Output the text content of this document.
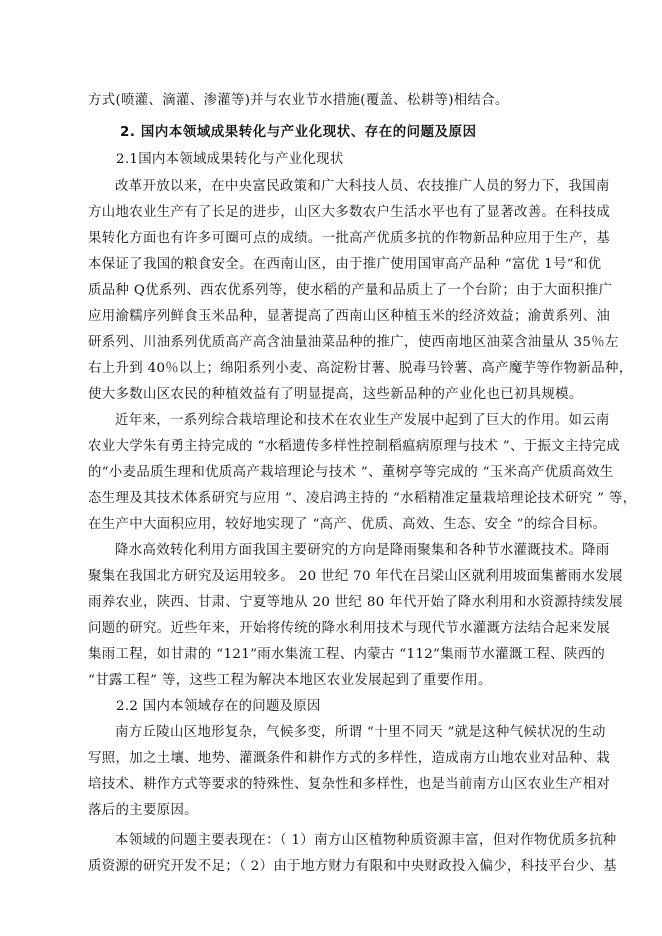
方式(喷灌、滴灌、渗灌等)并与农业节水措施(覆盖、松耕等)相结合。
2. 国内本领域成果转化与产业化现状、存在的问题及原因
2.1国内本领域成果转化与产业化现状
改革开放以来，在中央富民政策和广大科技人员、农技推广人员的努力下，我国南
方山地农业生产有了长足的进步，山区大多数农户生活水平也有了显著改善。在科技成
果转化方面也有许多可圈可点的成绩。一批高产优质多抗的作物新品种应用于生产，基
本保证了我国的粮食安全。在西南山区，由于推广使用国审高产品种 “富优 1号”和优
质品种 Q优系列、西农优系列等，使水稻的产量和品质上了一个台阶；由于大面积推广
应用渝糯序列鲜食玉米品种，显著提高了西南山区种植玉米的经济效益；渝黄系列、油
研系列、川油系列优质高产高含油量油菜品种的推广，使西南地区油菜含油量从 35％左
右上升到 40％以上；绵阳系列小麦、高淀粉甘薯、脱毒马铃薯、高产魔芋等作物新品种，
使大多数山区农民的种植效益有了明显提高，这些新品种的产业化也已初具规模。
近年来，一系列综合栽培理论和技术在农业生产发展中起到了巨大的作用。如云南
农业大学朱有勇主持完成的 “水稻遗传多样性控制稻瘟病原理与技术 ”、于振文主持完成
的“小麦品质生理和优质高产栽培理论与技术 ”、董树亭等完成的 “玉米高产优质高效生
态生理及其技术体系研究与应用 ”、凌启鸿主持的 “水稻精准定量栽培理论技术研究 ” 等，
在生产中大面积应用，较好地实现了 “高产、优质、高效、生态、安全 ”的综合目标。
降水高效转化利用方面我国主要研究的方向是降雨聚集和各种节水灌溉技术。降雨
聚集在我国北方研究及运用较多。 20 世纪 70 年代在吕梁山区就利用坡面集蓄雨水发展
雨养农业，陕西、甘肃、宁夏等地从 20 世纪 80 年代开始了降水利用和水资源持续发展
问题的研究。近些年来，开始将传统的降水利用技术与现代节水灌溉方法结合起来发展
集雨工程，如甘肃的 “121”雨水集流工程、内蒙古 “112”集雨节水灌溉工程、陕西的
“甘露工程” 等，这些工程为解决本地区农业发展起到了重要作用。
2.2 国内本领域存在的问题及原因
南方丘陵山区地形复杂，气候多变，所谓 “十里不同天 ”就是这种气候状况的生动
写照，加之土壤、地势、灌溉条件和耕作方式的多样性，造成南方山地农业对品种、栽
培技术、耕作方式等要求的特殊性、复杂性和多样性，也是当前南方山区农业生产相对
落后的主要原因。
本领域的问题主要表现在：（ 1）南方山区植物种质资源丰富，但对作物优质多抗种
质资源的研究开发不足；（ 2）由于地方财力有限和中央财政投入偏少，科技平台少、基
